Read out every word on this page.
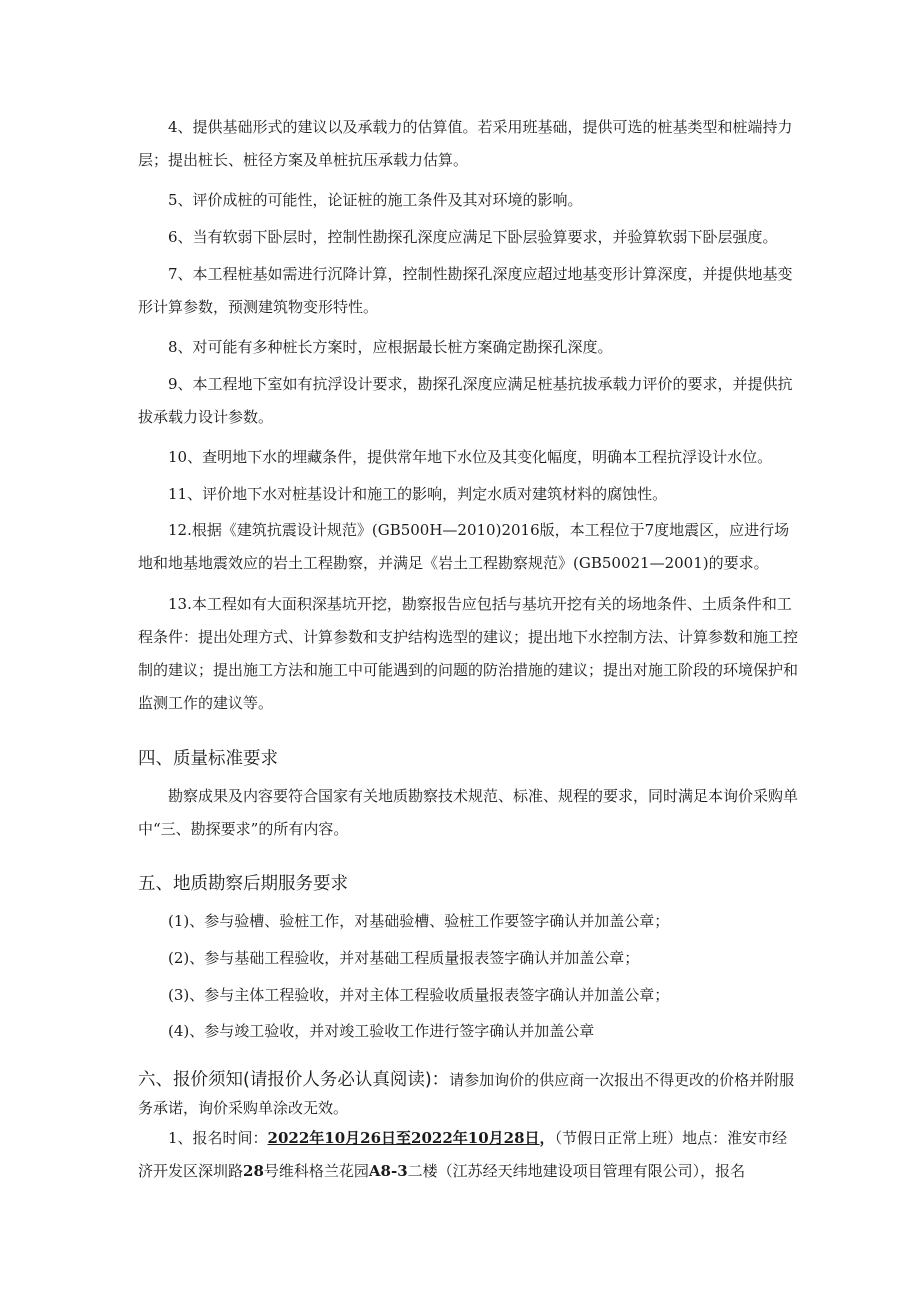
4、提供基础形式的建议以及承载力的估算值。若采用班基础，提供可选的桩基类型和桩端持力层；提出桩长、桩径方案及单桩抗压承载力估算。

5、评价成桩的可能性，论证桩的施工条件及其对环境的影响。

6、当有软弱下卧层时，控制性勘探孔深度应满足下卧层验算要求，并验算软弱下卧层强度。

7、本工程桩基如需进行沉降计算，控制性勘探孔深度应超过地基变形计算深度，并提供地基变形计算参数，预测建筑物变形特性。

8、对可能有多种桩长方案时，应根据最长桩方案确定勘探孔深度。

9、本工程地下室如有抗浮设计要求，勘探孔深度应满足桩基抗拔承载力评价的要求，并提供抗拔承载力设计参数。

10、查明地下水的埋藏条件，提供常年地下水位及其变化幅度，明确本工程抗浮设计水位。

11、评价地下水对桩基设计和施工的影响，判定水质对建筑材料的腐蚀性。

12.根据《建筑抗震设计规范》(GB500H—2010)2016版，本工程位于7度地震区，应进行场地和地基地震效应的岩土工程勘察，并满足《岩土工程勘察规范》(GB50021—2001)的要求。

13.本工程如有大面积深基坑开挖，勘察报告应包括与基坑开挖有关的场地条件、土质条件和工程条件：提出处理方式、计算参数和支护结构选型的建议；提出地下水控制方法、计算参数和施工控制的建议；提出施工方法和施工中可能遇到的问题的防治措施的建议；提出对施工阶段的环境保护和监测工作的建议等。

四、质量标准要求

勘察成果及内容要符合国家有关地质勘察技术规范、标准、规程的要求，同时满足本询价采购单中“三、勘探要求”的所有内容。

五、地质勘察后期服务要求

(1)、参与验槽、验桩工作，对基础验槽、验桩工作要签字确认并加盖公章；

(2)、参与基础工程验收，并对基础工程质量报表签字确认并加盖公章；

(3)、参与主体工程验收，并对主体工程验收质量报表签字确认并加盖公章；

(4)、参与竣工验收，并对竣工验收工作进行签字确认并加盖公章

六、报价须知(请报价人务必认真阅读)：请参加询价的供应商一次报出不得更改的价格并附服务承诺，询价采购单涂改无效。

1、报名时间：2022年10月26日至2022年10月28日，（节假日正常上班）地点：淮安市经济开发区深圳路28号维科格兰花园A8-3二楼（江苏经天纬地建设项目管理有限公司），报名
